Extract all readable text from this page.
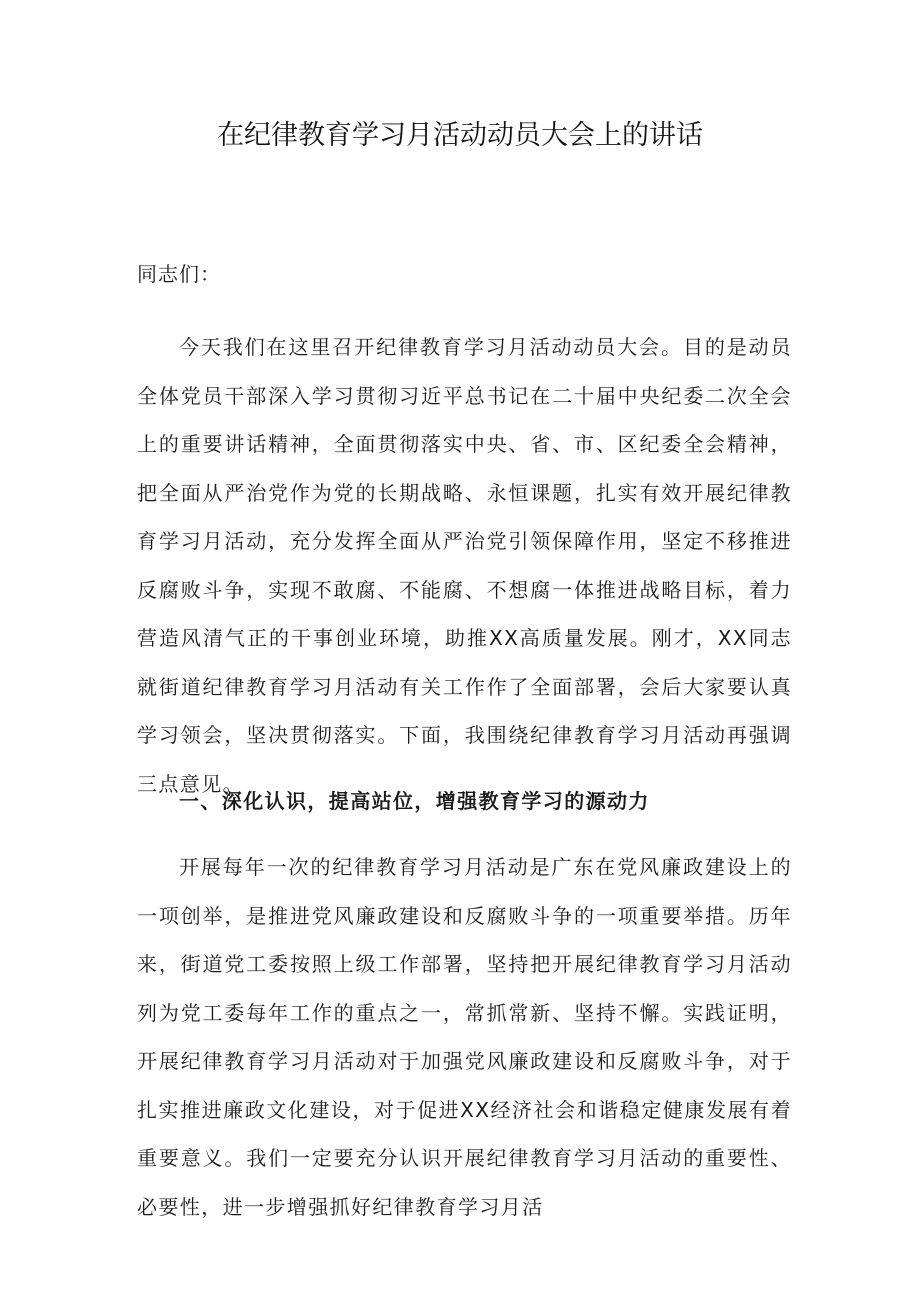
在纪律教育学习月活动动员大会上的讲话
同志们：

今天我们在这里召开纪律教育学习月活动动员大会。目的是动员全体党员干部深入学习贯彻习近平总书记在二十届中央纪委二次全会上的重要讲话精神，全面贯彻落实中央、省、市、区纪委全会精神，把全面从严治党作为党的长期战略、永恒课题，扎实有效开展纪律教育学习月活动，充分发挥全面从严治党引领保障作用，坚定不移推进反腐败斗争，实现不敢腐、不能腐、不想腐一体推进战略目标，着力营造风清气正的干事创业环境，助推XX高质量发展。刚才，XX同志就街道纪律教育学习月活动有关工作作了全面部署，会后大家要认真学习领会，坚决贯彻落实。下面，我围绕纪律教育学习月活动再强调三点意见。

一、深化认识，提高站位，增强教育学习的源动力

开展每年一次的纪律教育学习月活动是广东在党风廉政建设上的一项创举，是推进党风廉政建设和反腐败斗争的一项重要举措。历年来，街道党工委按照上级工作部署，坚持把开展纪律教育学习月活动列为党工委每年工作的重点之一，常抓常新、坚持不懈。实践证明，开展纪律教育学习月活动对于加强党风廉政建设和反腐败斗争，对于扎实推进廉政文化建设，对于促进XX经济社会和谐稳定健康发展有着重要意义。我们一定要充分认识开展纪律教育学习月活动的重要性、必要性，进一步增强抓好纪律教育学习月活
